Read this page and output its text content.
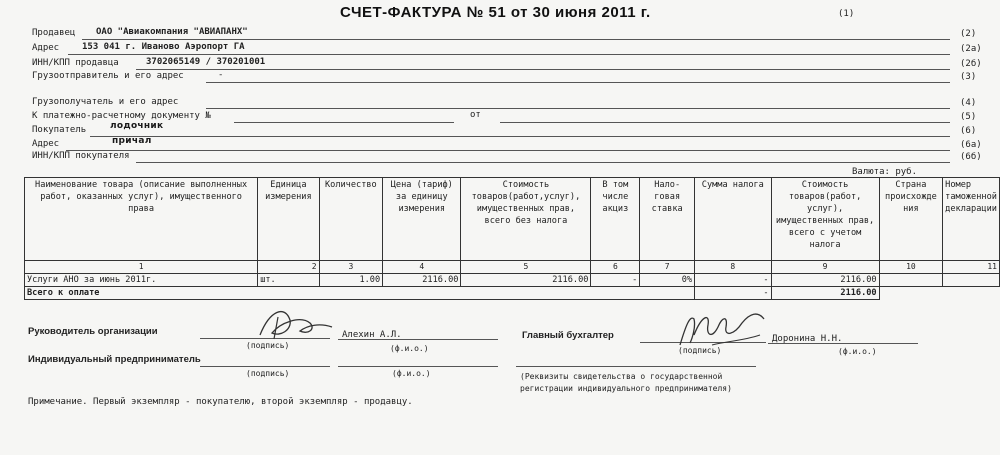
СЧЕТ-ФАКТУРА № 51 от 30 июня 2011 г.	(1)
Продавец ОАО "Авиакомпания "АВИАПАНХ"	(2)
Адрес	153 041 г. Иваново Аэропорт ГА	(2а)
ИНН/КПП продавца	3702065149 / 370201001	(2б)
Грузоотправитель и его адрес	-	(3)
Грузополучатель и его адрес	(4)
К платежно-расчетному документу №	от	(5)
Покупатель	лодочник	(6)
Адрес	причал	(6а)
ИНН/КПП покупателя	(6б)
Валюта: руб.
Наименование товара (описание выполненных работ, оказанных услуг), имущественного права	Единица измерения	Количество	Цена (тариф) за единицу измерения	Стоимость товаров(работ,услуг), имущественных прав, всего без налога	В том числе акциз	Нало- говая ставка	Сумма налога	Стоимость товаров(работ, услуг), имущественных прав, всего с учетом налога	Страна происхожде ния	Номер таможенной декларации
1	2	3	4	5	6	7	8	9	10	11
Услуги АНО за июнь 2011г.	шт.	1.00	2116.00	2116.00	-	0%	-	2116.00		
Всего к оплате							-	2116.00		
Руководитель организации	Алехин А.Л.
(подпись)	(ф.и.о.)
Главный бухгалтер	Доронина Н.Н.
(подпись)	(ф.и.о.)
Индивидуальный предприниматель
(подпись)	(ф.и.о.)	(Реквизиты свидетельства о государственной регистрации индивидуального предпринимателя)
Примечание. Первый экземпляр - покупателю, второй экземпляр - продавцу.
